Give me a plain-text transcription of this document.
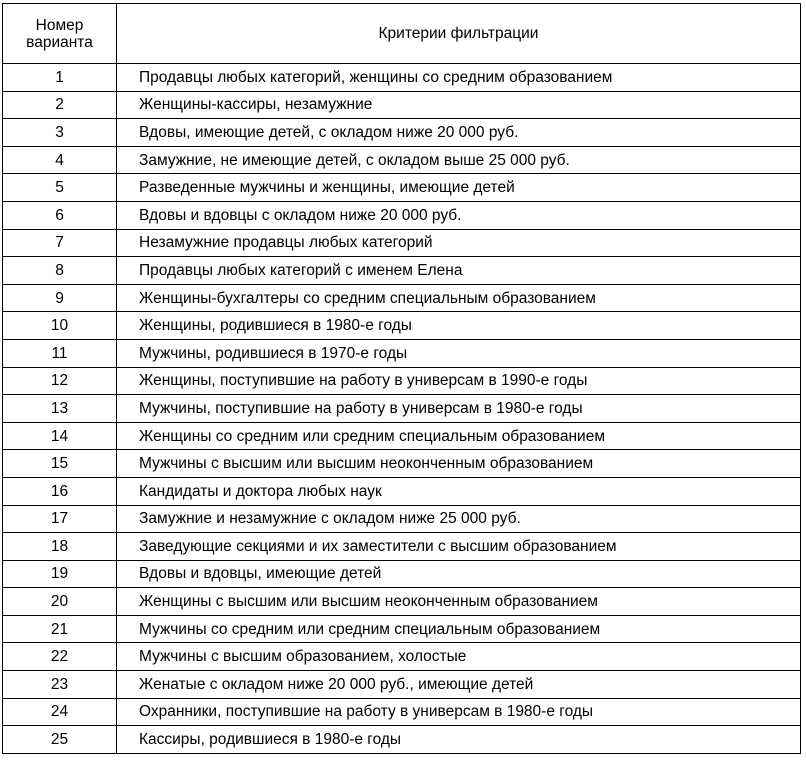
Номер варианта	Критерии фильтрации
1	Продавцы любых категорий, женщины со средним образованием
2	Женщины-кассиры, незамужние
3	Вдовы, имеющие детей, с окладом ниже 20 000 руб.
4	Замужние, не имеющие детей, с окладом выше 25 000 руб.
5	Разведенные мужчины и женщины, имеющие детей
6	Вдовы и вдовцы с окладом ниже 20 000 руб.
7	Незамужние продавцы любых категорий
8	Продавцы любых категорий с именем Елена
9	Женщины-бухгалтеры со средним специальным образованием
10	Женщины, родившиеся в 1980-е годы
11	Мужчины, родившиеся в 1970-е годы
12	Женщины, поступившие на работу в универсам в 1990-е годы
13	Мужчины, поступившие на работу в универсам в 1980-е годы
14	Женщины со средним или средним специальным образованием
15	Мужчины с высшим или высшим неоконченным образованием
16	Кандидаты и доктора любых наук
17	Замужние и незамужние с окладом ниже 25 000 руб.
18	Заведующие секциями и их заместители с высшим образованием
19	Вдовы и вдовцы, имеющие детей
20	Женщины с высшим или высшим неоконченным образованием
21	Мужчины со средним или средним специальным образованием
22	Мужчины с высшим образованием, холостые
23	Женатые с окладом ниже 20 000 руб., имеющие детей
24	Охранники, поступившие на работу в универсам в 1980-е годы
25	Кассиры, родившиеся в 1980-е годы
